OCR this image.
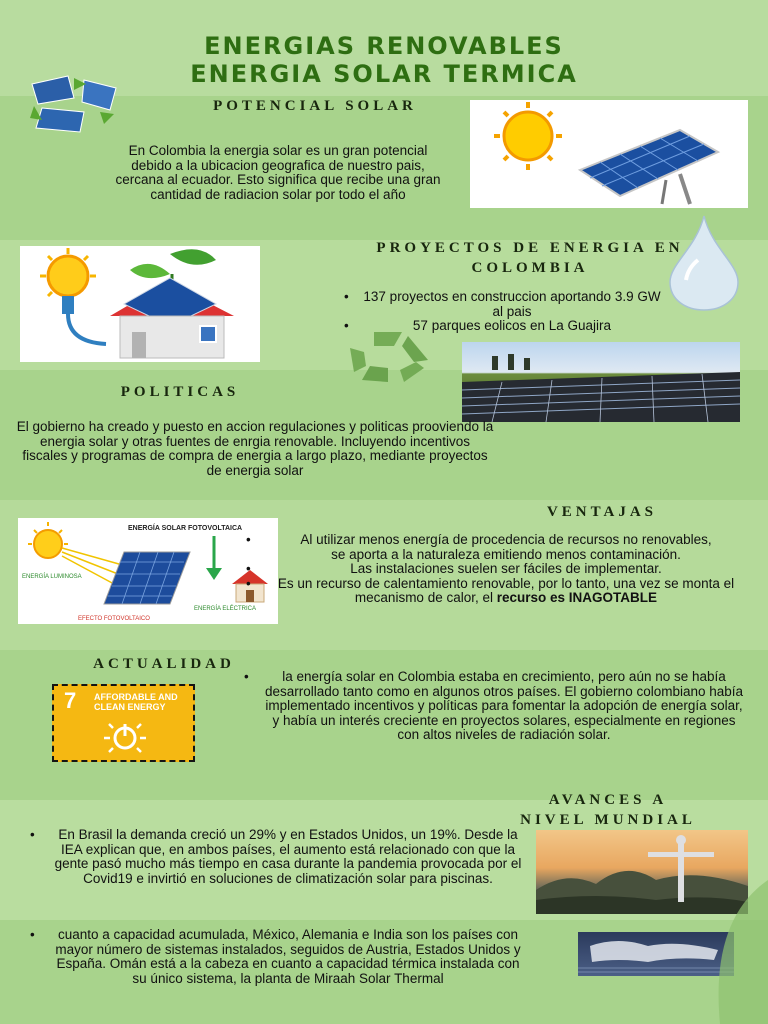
ENERGIAS RENOVABLES
ENERGIA SOLAR TERMICA
POTENCIAL SOLAR
En Colombia la energia solar es un gran potencial debido a la ubicacion geografica de nuestro pais, cercana al ecuador. Esto significa que recibe una gran cantidad de radiacion solar por todo el año
PROYECTOS DE ENERGIA EN COLOMBIA
• 137 proyectos en construccion aportando 3.9 GW al pais
• 57 parques eolicos en La Guajira
POLITICAS
El gobierno ha creado y puesto en accion regulaciones y politicas prooviendo la energia solar y otras fuentes de enrgia renovable. Incluyendo incentivos fiscales y programas de compra de energia a largo plazo, mediante proyectos de energia solar
ENERGÍA SOLAR FOTOVOLTAICA
ENERGÍA LUMINOSA
ENERGÍA ELÉCTRICA
EFECTO FOTOVOLTAICO
VENTAJAS
• Al utilizar menos energía de procedencia de recursos no renovables, se aporta a la naturaleza emitiendo menos contaminación.
• Las instalaciones suelen ser fáciles de implementar.
• Es un recurso de calentamiento renovable, por lo tanto, una vez se monta el mecanismo de calor, el recurso es INAGOTABLE
ACTUALIDAD
7 AFFORDABLE AND
CLEAN ENERGY
• la energía solar en Colombia estaba en crecimiento, pero aún no se había desarrollado tanto como en algunos otros países. El gobierno colombiano había implementado incentivos y políticas para fomentar la adopción de energía solar, y había un interés creciente en proyectos solares, especialmente en regiones con altos niveles de radiación solar.
AVANCES A
NIVEL MUNDIAL
• En Brasil la demanda creció un 29% y en Estados Unidos, un 19%. Desde la IEA explican que, en ambos países, el aumento está relacionado con que la gente pasó mucho más tiempo en casa durante la pandemia provocada por el Covid19 e invirtió en soluciones de climatización solar para piscinas.
• cuanto a capacidad acumulada, México, Alemania e India son los países con mayor número de sistemas instalados, seguidos de Austria, Estados Unidos y España. Omán está a la cabeza en cuanto a capacidad térmica instalada con su único sistema, la planta de Miraah Solar Thermal
